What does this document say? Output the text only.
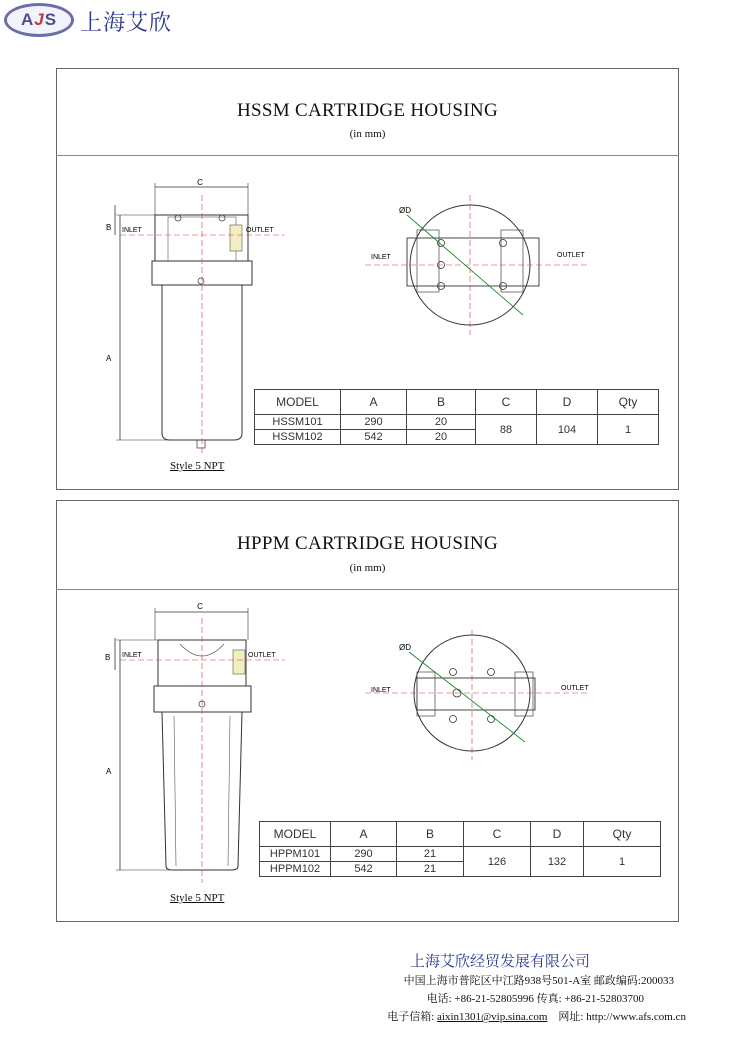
AJS	上海艾欣
HSSM CARTRIDGE HOUSING
(in mm)
C
B
A
INLET	OUTLET
ØD
INLET	OUTLET
MODEL	A	B	C	D	Qty
HSSM101	290	20	88	104	1
HSSM102	542	20			
Style 5 NPT
HPPM CARTRIDGE HOUSING
(in mm)
C
B
A
INLET	OUTLET
ØD
INLET	OUTLET
MODEL	A	B	C	D	Qty
HPPM101	290	21	126	132	1
HPPM102	542	21			
Style 5 NPT
上海艾欣经贸发展有限公司
中国上海市普陀区中江路938号501-A室 邮政编码:200033
电话: +86-21-52805996 传真: +86-21-52803700
电子信箱: aixin1301@vip.sina.com    网址: http://www.afs.com.cn
